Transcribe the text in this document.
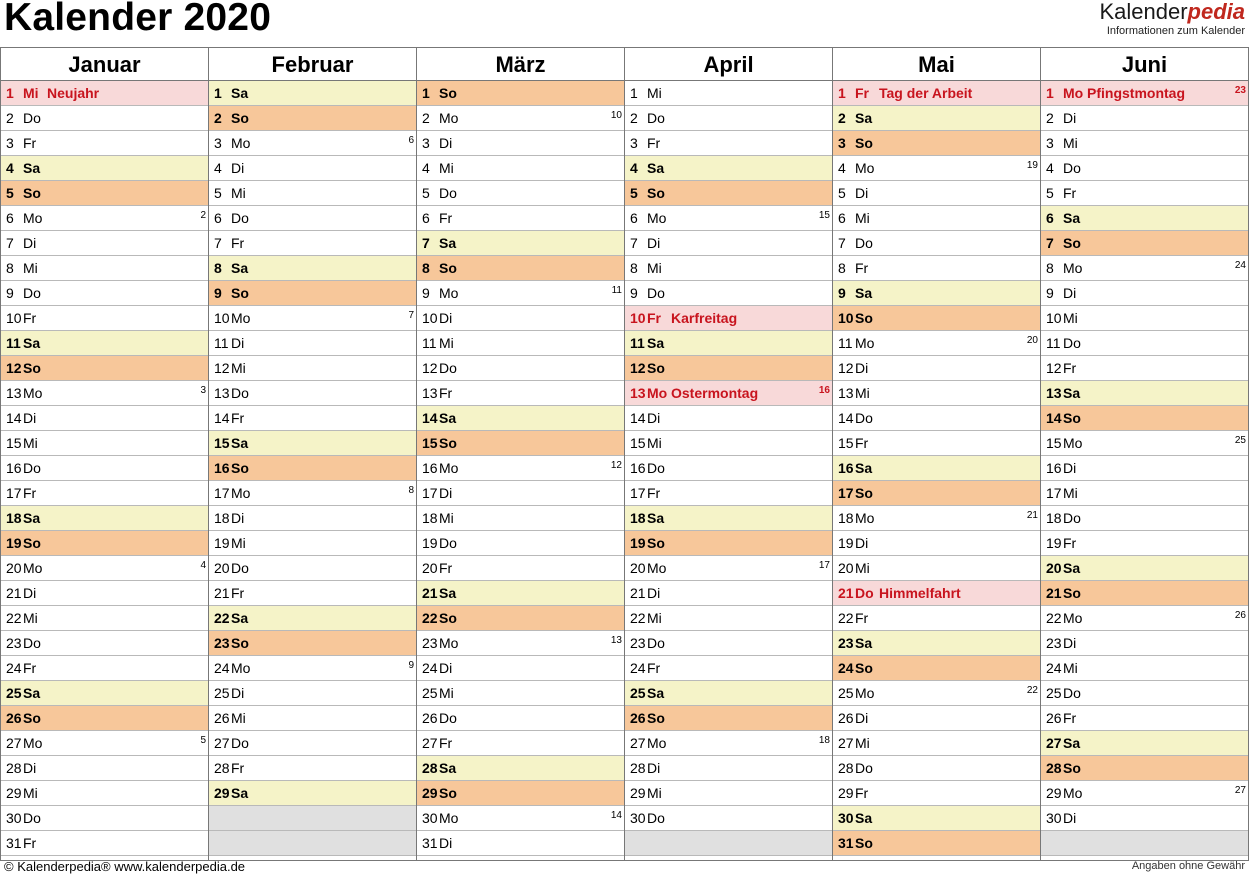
Kalender 2020	Kalenderpedia
Informationen zum Kalender
Januar
1 Mi Neujahr
2 Do
3 Fr
4 Sa
5 So
6 Mo	2
7 Di
8 Mi
9 Do
10Fr
11 Sa
12So
13Mo	3
14Di
15Mi
16Do
17Fr
18Sa
19So
20Mo	4
21Di
22Mi
23Do
24Fr
25Sa
26So
27Mo	5
28Di
29Mi
30Do
31Fr
Februar
1 Sa
2 So
3 Mo	6
4 Di
5 Mi
6 Do
7 Fr
8 Sa
9 So
10Mo	7
11 Di
12Mi
13Do
14Fr
15Sa
16So
17Mo	8
18Di
19Mi
20Do
21Fr
22Sa
23So
24Mo	9
25Di
26Mi
27Do
28Fr
29Sa
März
1 So
2 Mo	10
3 Di
4 Mi
5 Do
6 Fr
7 Sa
8 So
9 Mo	11
10Di
11 Mi
12Do
13Fr
14Sa
15So
16Mo	12
17Di
18Mi
19Do
20Fr
21Sa
22So
23Mo	13
24Di
25Mi
26Do
27Fr
28Sa
29So
30Mo	14
31Di
April
1 Mi
2 Do
3 Fr
4 Sa
5 So
6 Mo	15
7 Di
8 Mi
9 Do
10Fr Karfreitag
11 Sa
12So
13Mo Ostermontag	16
14Di
15Mi
16Do
17Fr
18Sa
19So
20Mo	17
21Di
22Mi
23Do
24Fr
25Sa
26So
27Mo	18
28Di
29Mi
30Do
Mai
1 Fr Tag der Arbeit
2 Sa
3 So
4 Mo	19
5 Di
6 Mi
7 Do
8 Fr
9 Sa
10So
11 Mo	20
12Di
13Mi
14Do
15Fr
16Sa
17So
18Mo	21
19Di
20Mi
21Do Himmelfahrt
22Fr
23Sa
24So
25Mo	22
26Di
27Mi
28Do
29Fr
30Sa
31So
Juni
1 Mo Pfingstmontag	23
2 Di
3 Mi
4 Do
5 Fr
6 Sa
7 So
8 Mo	24
9 Di
10Mi
11 Do
12Fr
13Sa
14So
15Mo	25
16Di
17Mi
18Do
19Fr
20Sa
21So
22Mo	26
23Di
24Mi
25Do
26Fr
27Sa
28So
29Mo	27
30Di
© Kalenderpedia® www.kalenderpedia.de	Angaben ohne Gewähr
